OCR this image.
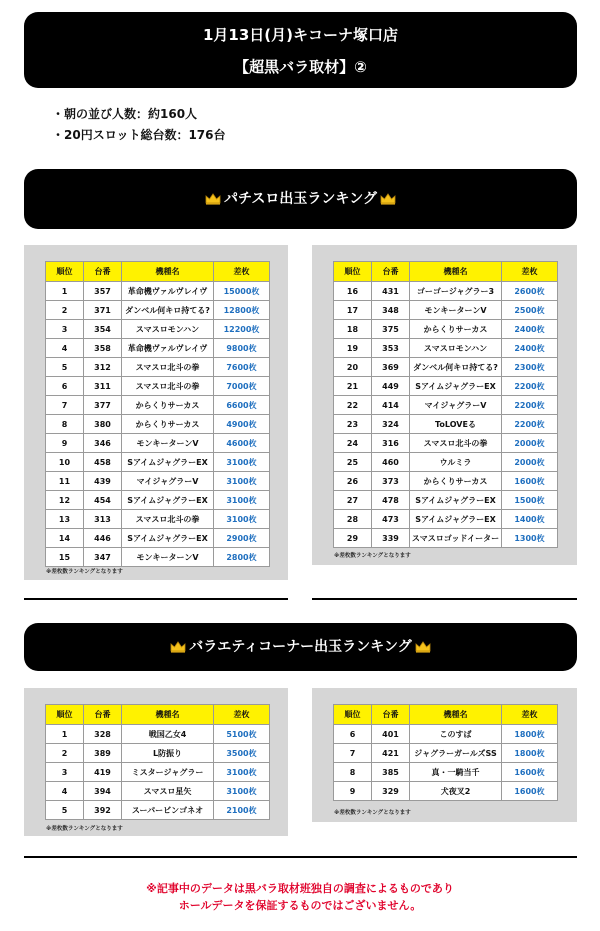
1月13日(月)キコーナ塚口店
【超黒バラ取材】②
・朝の並び人数：約160人
・20円スロット総台数：176台
パチスロ出玉ランキング
順位	台番	機種名	差枚
1	357	革命機ヴァルヴレイヴ	15000枚
2	371	ダンベル何キロ持てる?	12800枚
3	354	スマスロモンハン	12200枚
4	358	革命機ヴァルヴレイヴ	9800枚
5	312	スマスロ北斗の拳	7600枚
6	311	スマスロ北斗の拳	7000枚
7	377	からくりサーカス	6600枚
8	380	からくりサーカス	4900枚
9	346	モンキーターンV	4600枚
10	458	SアイムジャグラーEX	3100枚
11	439	マイジャグラーV	3100枚
12	454	SアイムジャグラーEX	3100枚
13	313	スマスロ北斗の拳	3100枚
14	446	SアイムジャグラーEX	2900枚
15	347	モンキーターンV	2800枚
※差枚数ランキングとなります
順位	台番	機種名	差枚
16	431	ゴーゴージャグラー3	2600枚
17	348	モンキーターンV	2500枚
18	375	からくりサーカス	2400枚
19	353	スマスロモンハン	2400枚
20	369	ダンベル何キロ持てる?	2300枚
21	449	SアイムジャグラーEX	2200枚
22	414	マイジャグラーV	2200枚
23	324	ToLOVEる	2200枚
24	316	スマスロ北斗の拳	2000枚
25	460	ウルミラ	2000枚
26	373	からくりサーカス	1600枚
27	478	SアイムジャグラーEX	1500枚
28	473	SアイムジャグラーEX	1400枚
29	339	スマスロゴッドイーター	1300枚
※差枚数ランキングとなります
バラエティコーナー出玉ランキング
順位	台番	機種名	差枚
1	328	戦国乙女4	5100枚
2	389	L防振り	3500枚
3	419	ミスタージャグラー	3100枚
4	394	スマスロ星矢	3100枚
5	392	スーパービンゴネオ	2100枚
※差枚数ランキングとなります
順位	台番	機種名	差枚
6	401	このすば	1800枚
7	421	ジャグラーガールズSS	1800枚
8	385	真・一騎当千	1600枚
9	329	犬夜叉2	1600枚
※差枚数ランキングとなります
※記事中のデータは黒バラ取材班独自の調査によるものであり
ホールデータを保証するものではございません。
